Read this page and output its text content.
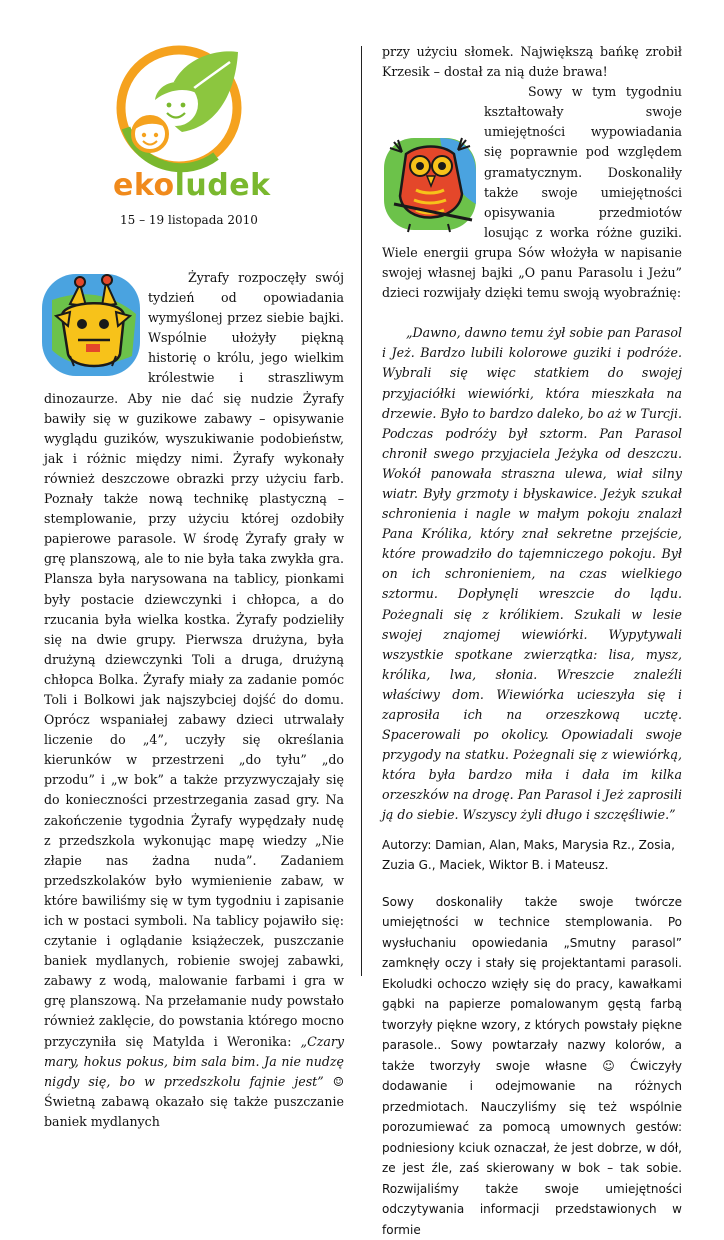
ekoludek
15 – 19 listopada 2010

Żyrafy rozpoczęły swój tydzień od opowiadania wymyślonej przez siebie bajki. Wspólnie ułożyły piękną historię o królu, jego wielkim królestwie i straszliwym dinozaurze. Aby nie dać się nudzie Żyrafy bawiły się w guzikowe zabawy – opisywanie wyglądu guzików, wyszukiwanie podobieństw, jak i różnic między nimi. Żyrafy wykonały również deszczowe obrazki przy użyciu farb. Poznały także nową technikę plastyczną – stemplowanie, przy użyciu której ozdobiły papierowe parasole. W środę Żyrafy grały w grę planszową, ale to nie była taka zwykła gra. Plansza była narysowana na tablicy, pionkami były postacie dziewczynki i chłopca, a do rzucania była wielka kostka. Żyrafy podzieliły się na dwie grupy. Pierwsza drużyna, była drużyną dziewczynki Toli a druga, drużyną chłopca Bolka. Żyrafy miały za zadanie pomóc Toli i Bolkowi jak najszybciej dojść do domu. Oprócz wspaniałej zabawy dzieci utrwalały liczenie do „4”, uczyły się określania kierunków w przestrzeni „do tyłu” „do przodu” i „w bok” a także przyzwyczajały się do konieczności przestrzegania zasad gry. Na zakończenie tygodnia Żyrafy wypędzały nudę z przedszkola wykonując mapę wiedzy „Nie złapie nas żadna nuda”. Zadaniem przedszkolaków było wymienienie zabaw, w które bawiliśmy się w tym tygodniu i zapisanie ich w postaci symboli. Na tablicy pojawiło się: czytanie i oglądanie książeczek, puszczanie baniek mydlanych, robienie swojej zabawki, zabawy z wodą, malowanie farbami i gra w grę planszową. Na przełamanie nudy powstało również zaklęcie, do powstania którego mocno przyczyniła się Matylda i Weronika: „Czary mary, hokus pokus, bim sala bim. Ja nie nudzę nigdy się, bo w przedszkolu fajnie jest” ☺ Świetną zabawą okazało się także puszczanie baniek mydlanych

przy użyciu słomek. Największą bańkę zrobił Krzesik – dostał za nią duże brawa!

Sowy w tym tygodniu kształtowały swoje umiejętności wypowiadania się poprawnie pod względem gramatycznym. Doskonaliły także swoje umiejętności opisywania przedmiotów losując z worka różne guziki. Wiele energii grupa Sów włożyła w napisanie swojej własnej bajki „O panu Parasolu i Jeżu” dzieci rozwijały dzięki temu swoją wyobraźnię:

„Dawno, dawno temu żył sobie pan Parasol i Jeż. Bardzo lubili kolorowe guziki i podróże. Wybrali się więc statkiem do swojej przyjaciółki wiewiórki, która mieszkała na drzewie. Było to bardzo daleko, bo aż w Turcji. Podczas podróży był sztorm. Pan Parasol chronił swego przyjaciela Jeżyka od deszczu. Wokół panowała straszna ulewa, wiał silny wiatr. Były grzmoty i błyskawice. Jeżyk szukał schronienia i nagle w małym pokoju znalazł Pana Królika, który znał sekretne przejście, które prowadziło do tajemniczego pokoju. Był on ich schronieniem, na czas wielkiego sztormu. Dopłynęli wreszcie do lądu. Pożegnali się z królikiem. Szukali w lesie swojej znajomej wiewiórki. Wypytywali wszystkie spotkane zwierzątka: lisa, mysz, królika, lwa, słonia. Wreszcie znaleźli właściwy dom. Wiewiórka ucieszyła się i zaprosiła ich na orzeszkową ucztę. Spacerowali po okolicy. Opowiadali swoje przygody na statku. Pożegnali się z wiewiórką, która była bardzo miła i dała im kilka orzeszków na drogę. Pan Parasol i Jeż zaprosili ją do siebie. Wszyscy żyli długo i szczęśliwie.”

Autorzy: Damian, Alan, Maks, Marysia Rz., Zosia, Zuzia G., Maciek, Wiktor B. i Mateusz.

Sowy doskonaliły także swoje twórcze umiejętności w technice stemplowania. Po wysłuchaniu opowiedania „Smutny parasol” zamknęły oczy i stały się projektantami parasoli. Ekoludki ochoczo wzięły się do pracy, kawałkami gąbki na papierze pomalowanym gęstą farbą tworzyły piękne wzory, z których powstały piękne parasole.. Sowy powtarzały nazwy kolorów, a także tworzyły swoje własne ☺ Ćwiczyły dodawanie i odejmowanie na różnych przedmiotach. Nauczyliśmy się też wspólnie porozumiewać za pomocą umownych gestów: podniesiony kciuk oznaczał, że jest dobrze, w dół, ze jest źle, zaś skierowany w bok – tak sobie. Rozwijaliśmy także swoje umiejętności odczytywania informacji przedstawionych w formie
